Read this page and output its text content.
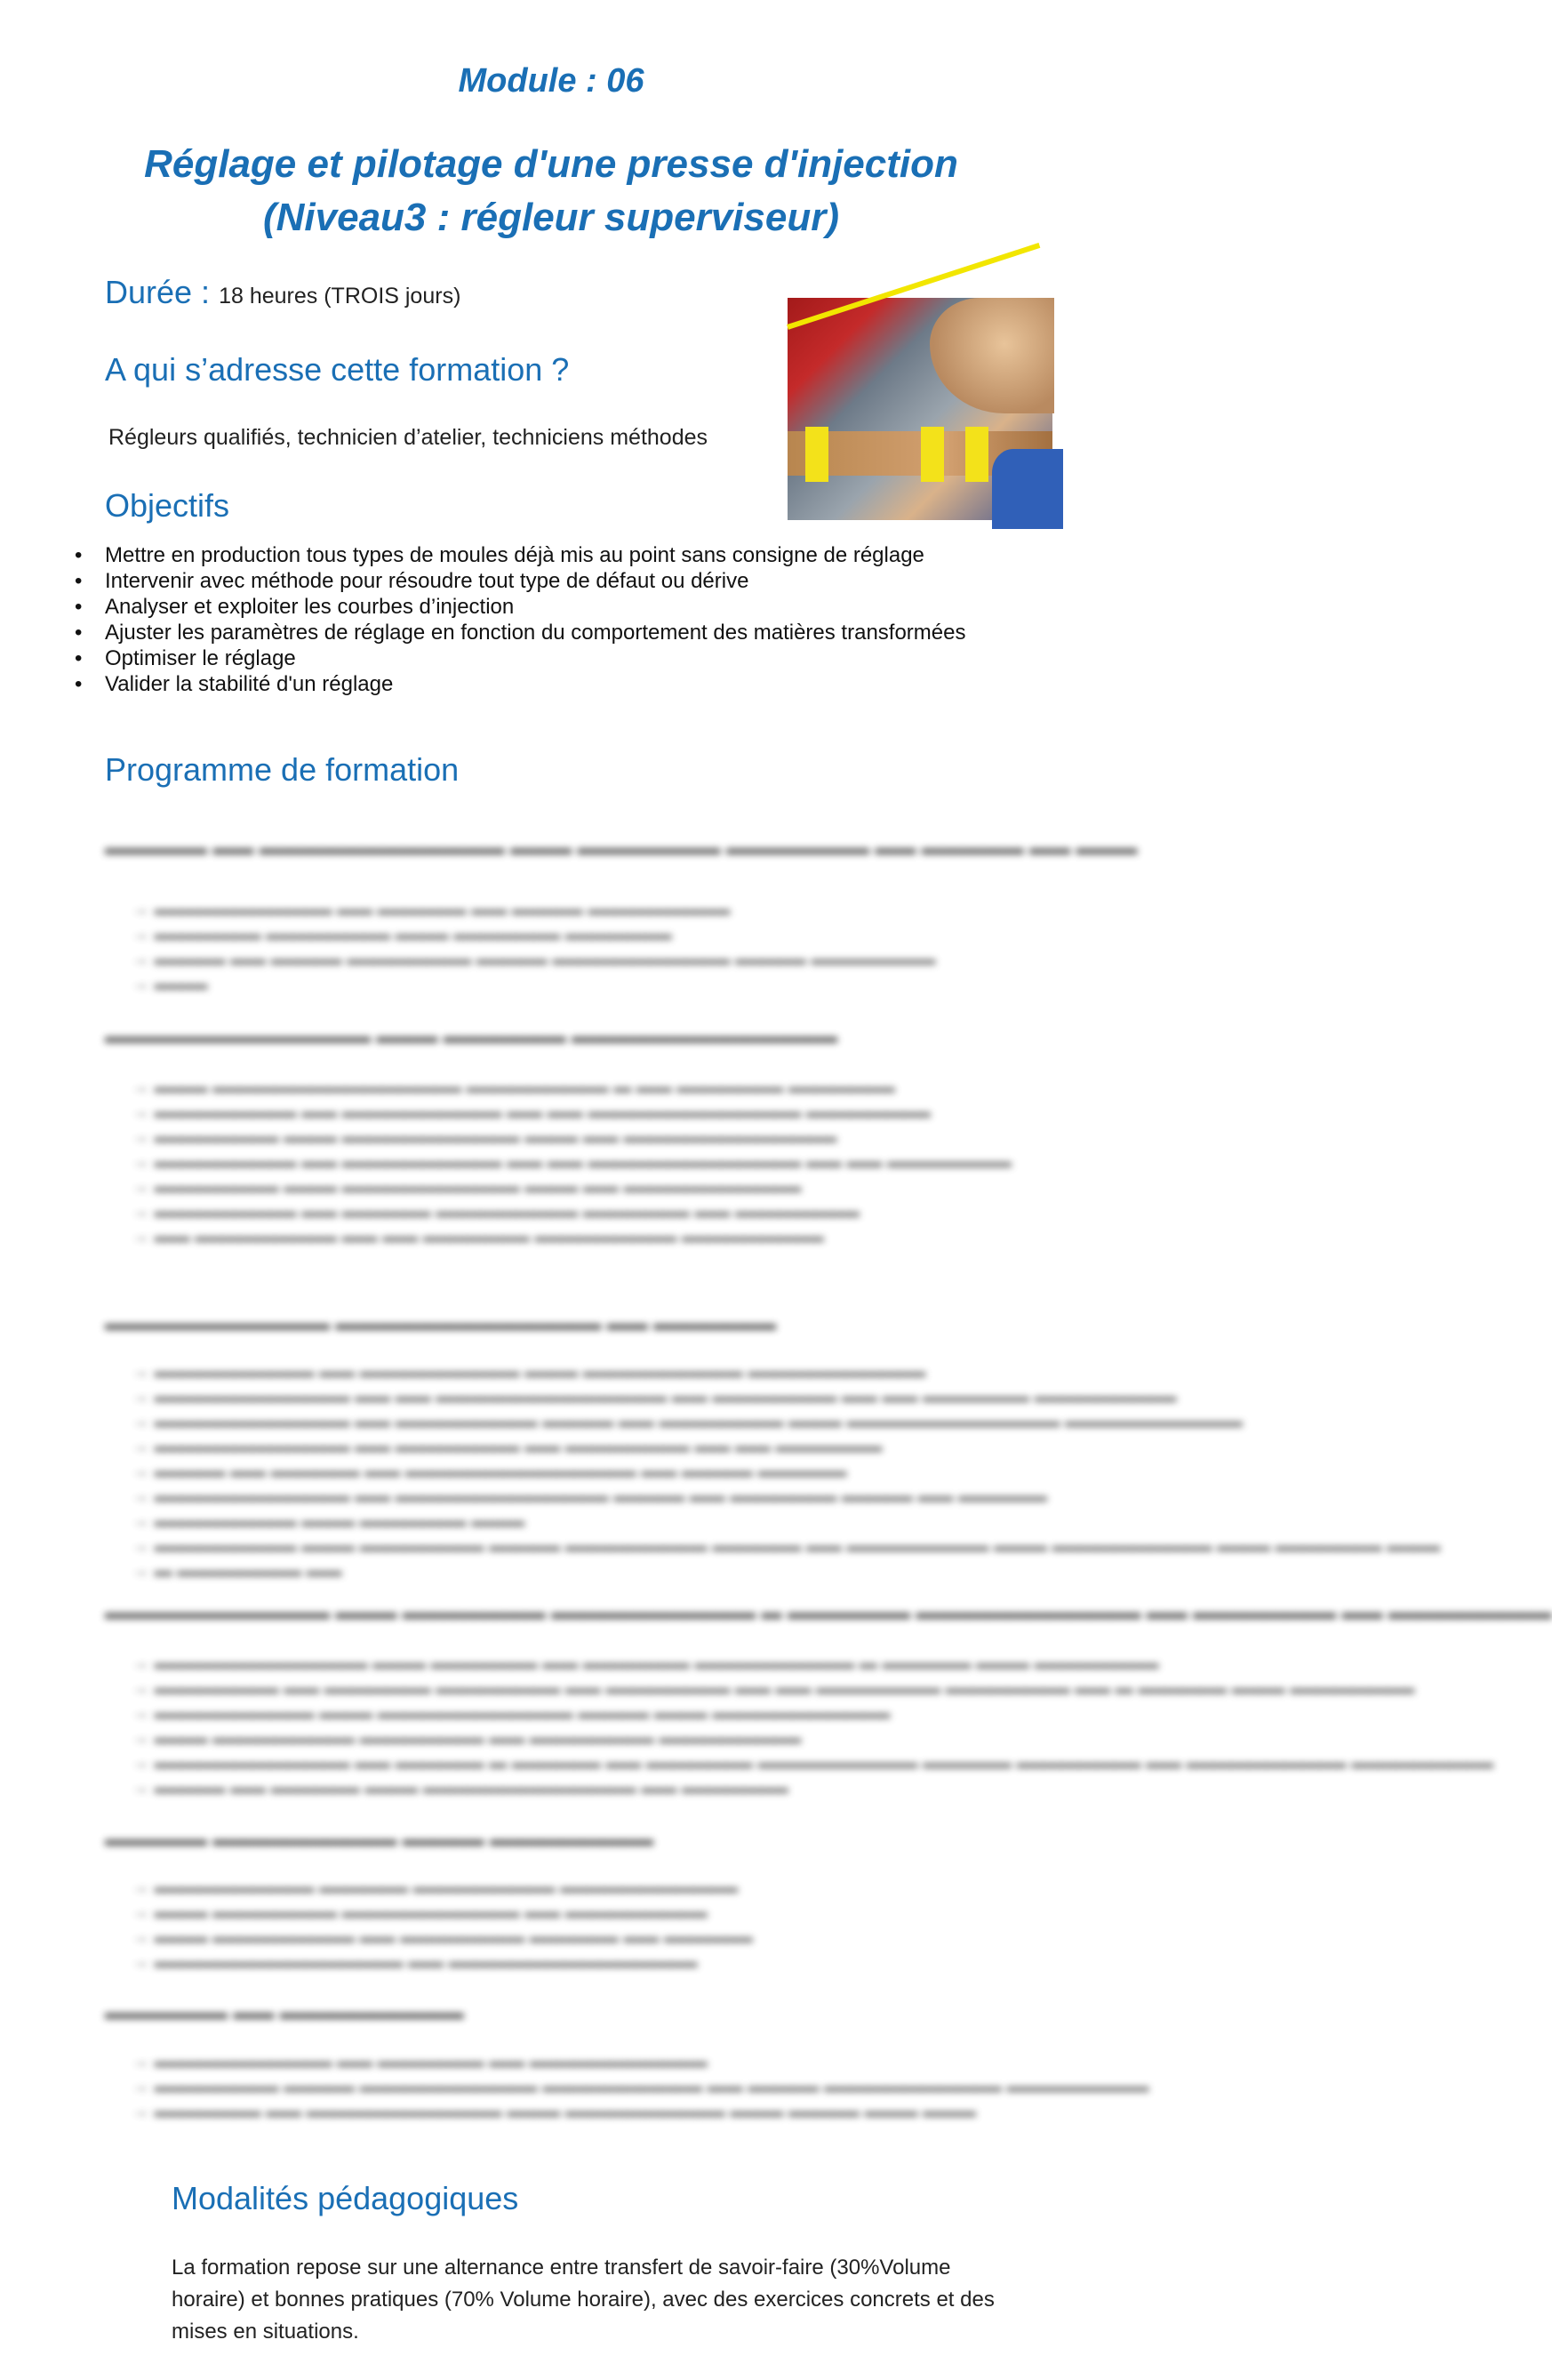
Module : 06
Réglage et pilotage d'une presse d'injection
(Niveau3 : régleur superviseur)
Durée : 18 heures (TROIS jours)
A qui s’adresse cette formation ?
Régleurs qualifiés, technicien d’atelier, techniciens méthodes
Objectifs
• Mettre en production tous types de moules déjà mis au point sans consigne de réglage
• Intervenir avec méthode pour résoudre tout type de défaut ou dérive
• Analyser et exploiter les courbes d’injection
• Ajuster les paramètres de réglage en fonction du comportement des matières transformées
• Optimiser le réglage
• Valider la stabilité d'un réglage
Programme de formation
▬▬▬▬▬ ▬▬ ▬▬▬▬▬▬▬▬▬▬▬▬ ▬▬▬ ▬▬▬▬▬▬▬ ▬▬▬▬▬▬▬ ▬▬ ▬▬▬▬▬ ▬▬ ▬▬▬
→ ▬▬▬▬▬▬▬▬▬▬ ▬▬ ▬▬▬▬▬ ▬▬ ▬▬▬▬ ▬▬▬▬▬▬▬▬
→ ▬▬▬▬▬▬ ▬▬▬▬▬▬▬ ▬▬▬ ▬▬▬▬▬▬ ▬▬▬▬▬▬
→ ▬▬▬▬ ▬▬ ▬▬▬▬ ▬▬▬▬▬▬▬ ▬▬▬▬ ▬▬▬▬▬▬▬▬▬▬ ▬▬▬▬ ▬▬▬▬▬▬▬
→ ▬▬▬
▬▬▬▬▬▬▬▬▬▬▬▬▬ ▬▬▬ ▬▬▬▬▬▬ ▬▬▬▬▬▬▬▬▬▬▬▬▬
→ ▬▬▬ ▬▬▬▬▬▬▬▬▬▬▬▬▬▬ ▬▬▬▬▬▬▬▬ ▬ ▬▬ ▬▬▬▬▬▬ ▬▬▬▬▬▬
→ ▬▬▬▬▬▬▬▬ ▬▬ ▬▬▬▬▬▬▬▬▬ ▬▬ ▬▬ ▬▬▬▬▬▬▬▬▬▬▬▬ ▬▬▬▬▬▬▬
→ ▬▬▬▬▬▬▬ ▬▬▬ ▬▬▬▬▬▬▬▬▬▬ ▬▬▬ ▬▬ ▬▬▬▬▬▬▬▬▬▬▬▬
→ ▬▬▬▬▬▬▬▬ ▬▬ ▬▬▬▬▬▬▬▬▬ ▬▬ ▬▬ ▬▬▬▬▬▬▬▬▬▬▬▬ ▬▬ ▬▬ ▬▬▬▬▬▬▬
→ ▬▬▬▬▬▬▬ ▬▬▬ ▬▬▬▬▬▬▬▬▬▬ ▬▬▬ ▬▬ ▬▬▬▬▬▬▬▬▬▬
→ ▬▬▬▬▬▬▬▬ ▬▬ ▬▬▬▬▬ ▬▬▬▬▬▬▬▬ ▬▬▬▬▬▬ ▬▬ ▬▬▬▬▬▬▬
→ ▬▬ ▬▬▬▬▬▬▬▬ ▬▬ ▬▬ ▬▬▬▬▬▬ ▬▬▬▬▬▬▬▬ ▬▬▬▬▬▬▬▬
▬▬▬▬▬▬▬▬▬▬▬ ▬▬▬▬▬▬▬▬▬▬▬▬▬ ▬▬ ▬▬▬▬▬▬
→ ▬▬▬▬▬▬▬▬▬ ▬▬ ▬▬▬▬▬▬▬▬▬ ▬▬▬ ▬▬▬▬▬▬▬▬▬ ▬▬▬▬▬▬▬▬▬▬
→ ▬▬▬▬▬▬▬▬▬▬▬ ▬▬ ▬▬ ▬▬▬▬▬▬▬▬▬▬▬▬▬ ▬▬ ▬▬▬▬▬▬▬ ▬▬ ▬▬ ▬▬▬▬▬▬ ▬▬▬▬▬▬▬▬
→ ▬▬▬▬▬▬▬▬▬▬▬ ▬▬ ▬▬▬▬▬▬▬▬ ▬▬▬▬ ▬▬ ▬▬▬▬▬▬▬ ▬▬▬ ▬▬▬▬▬▬▬▬▬▬▬▬ ▬▬▬▬▬▬▬▬▬▬
→ ▬▬▬▬▬▬▬▬▬▬▬ ▬▬ ▬▬▬▬▬▬▬ ▬▬ ▬▬▬▬▬▬▬ ▬▬ ▬▬ ▬▬▬▬▬▬
→ ▬▬▬▬ ▬▬ ▬▬▬▬▬ ▬▬ ▬▬▬▬▬▬▬▬▬▬▬▬▬ ▬▬ ▬▬▬▬ ▬▬▬▬▬
→ ▬▬▬▬▬▬▬▬▬▬▬ ▬▬ ▬▬▬▬▬▬▬▬▬▬▬▬ ▬▬▬▬ ▬▬ ▬▬▬▬▬▬ ▬▬▬▬ ▬▬ ▬▬▬▬▬
→ ▬▬▬▬▬▬▬▬ ▬▬▬ ▬▬▬▬▬▬ ▬▬▬
→ ▬▬▬▬▬▬▬▬ ▬▬▬ ▬▬▬▬▬▬▬ ▬▬▬▬ ▬▬▬▬▬▬▬▬ ▬▬▬▬▬ ▬▬ ▬▬▬▬▬▬▬▬ ▬▬▬ ▬▬▬▬▬▬▬▬▬ ▬▬▬ ▬▬▬▬▬▬ ▬▬▬
→ ▬ ▬▬▬▬▬▬▬ ▬▬
▬▬▬▬▬▬▬▬▬▬▬ ▬▬▬ ▬▬▬▬▬▬▬ ▬▬▬▬▬▬▬▬▬▬ ▬ ▬▬▬▬▬▬ ▬▬▬▬▬▬▬▬▬▬▬ ▬▬ ▬▬▬▬▬▬▬ ▬▬ ▬▬▬▬▬▬▬▬
→ ▬▬▬▬▬▬▬▬▬▬▬▬ ▬▬▬ ▬▬▬▬▬▬ ▬▬ ▬▬▬▬▬▬ ▬▬▬▬▬▬▬▬▬ ▬ ▬▬▬▬▬ ▬▬▬ ▬▬▬▬▬▬▬
→ ▬▬▬▬▬▬▬ ▬▬ ▬▬▬▬▬▬ ▬▬▬▬▬▬▬ ▬▬ ▬▬▬▬▬▬▬ ▬▬ ▬▬ ▬▬▬▬▬▬▬ ▬▬▬▬▬▬▬ ▬▬ ▬ ▬▬▬▬▬ ▬▬▬ ▬▬▬▬▬▬▬
→ ▬▬▬▬▬▬▬▬▬ ▬▬▬ ▬▬▬▬▬▬▬▬▬▬▬ ▬▬▬▬ ▬▬▬ ▬▬▬▬▬▬▬▬▬▬
→ ▬▬▬ ▬▬▬▬▬▬▬▬ ▬▬▬▬▬▬▬ ▬▬ ▬▬▬▬▬▬▬ ▬▬▬▬▬▬▬▬
→ ▬▬▬▬▬▬▬▬▬▬▬ ▬▬ ▬▬▬▬▬ ▬ ▬▬▬▬▬ ▬▬ ▬▬▬▬▬▬ ▬▬▬▬▬▬▬▬▬ ▬▬▬▬▬ ▬▬▬▬▬▬▬ ▬▬ ▬▬▬▬▬▬▬▬▬ ▬▬▬▬▬▬▬▬
→ ▬▬▬▬ ▬▬ ▬▬▬▬▬ ▬▬▬ ▬▬▬▬▬▬▬▬▬▬▬▬ ▬▬ ▬▬▬▬▬▬
▬▬▬▬▬ ▬▬▬▬▬▬▬▬▬ ▬▬▬▬ ▬▬▬▬▬▬▬▬
→ ▬▬▬▬▬▬▬▬▬ ▬▬▬▬▬ ▬▬▬▬▬▬▬▬ ▬▬▬▬▬▬▬▬▬▬
→ ▬▬▬ ▬▬▬▬▬▬▬ ▬▬▬▬▬▬▬▬▬▬ ▬▬ ▬▬▬▬▬▬▬▬
→ ▬▬▬ ▬▬▬▬▬▬▬▬ ▬▬ ▬▬▬▬▬▬▬ ▬▬▬▬▬ ▬▬ ▬▬▬▬▬
→ ▬▬▬▬▬▬▬▬▬▬▬▬▬▬ ▬▬ ▬▬▬▬▬▬▬▬▬▬▬▬▬▬
▬▬▬▬▬▬ ▬▬ ▬▬▬▬▬▬▬▬▬
→ ▬▬▬▬▬▬▬▬▬▬ ▬▬ ▬▬▬▬▬▬ ▬▬ ▬▬▬▬▬▬▬▬▬▬
→ ▬▬▬▬▬▬▬ ▬▬▬▬ ▬▬▬▬▬▬▬▬▬▬ ▬▬▬▬▬▬▬▬▬ ▬▬ ▬▬▬▬ ▬▬▬▬▬▬▬▬▬▬ ▬▬▬▬▬▬▬▬
→ ▬▬▬▬▬▬ ▬▬ ▬▬▬▬▬▬▬▬▬▬▬ ▬▬▬ ▬▬▬▬▬▬▬▬▬ ▬▬▬ ▬▬▬▬ ▬▬▬ ▬▬▬
Modalités pédagogiques
La formation repose sur une alternance entre transfert de savoir-faire (30%Volume horaire) et bonnes pratiques (70% Volume horaire), avec des exercices concrets et des mises en situations.
